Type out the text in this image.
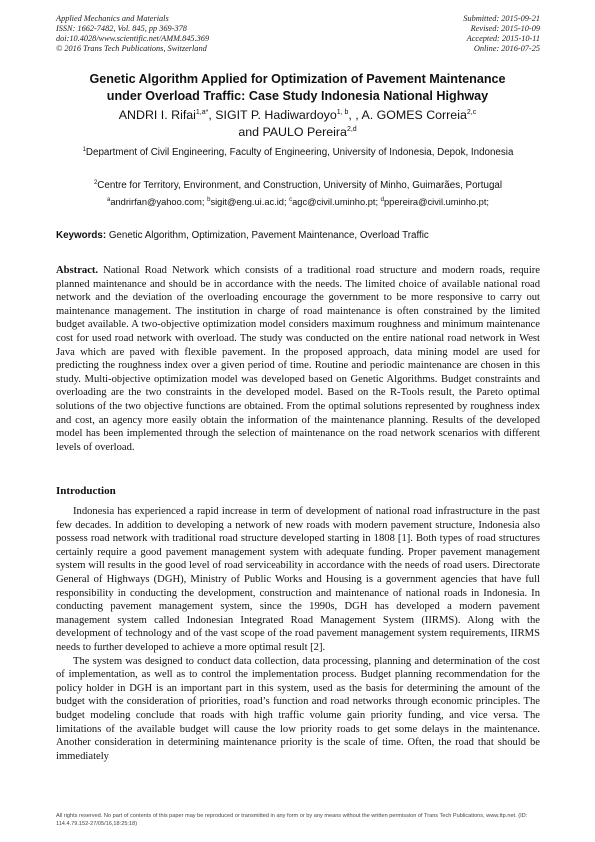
Applied Mechanics and Materials
ISSN: 1662-7482, Vol. 845, pp 369-378
doi:10.4028/www.scientific.net/AMM.845.369
© 2016 Trans Tech Publications, Switzerland
Submitted: 2015-09-21
Revised: 2015-10-09
Accepted: 2015-10-11
Online: 2016-07-25
Genetic Algorithm Applied for Optimization of Pavement Maintenance
under Overload Traffic: Case Study Indonesia National Highway
ANDRI I. Rifai$^{1,a*}$, SIGIT P. Hadiwardoyo$^{1, b}$, , A. GOMES Correia$^{2,c}$
and PAULO Pereira$^{2,d}$
$^1$Department of Civil Engineering, Faculty of Engineering, University of Indonesia, Depok, Indonesia
$^2$Centre for Territory, Environment, and Construction, University of Minho, Guimarães, Portugal
$^a$andrirfan@yahoo.com; $^b$sigit@eng.ui.ac.id; $^c$agc@civil.uminho.pt; $^d$ppereira@civil.uminho.pt;
Keywords: Genetic Algorithm, Optimization, Pavement Maintenance, Overload Traffic
Abstract. National Road Network which consists of a traditional road structure and modern roads, require planned maintenance and should be in accordance with the needs. The limited choice of available national road network and the deviation of the overloading encourage the government to be more responsive to carry out maintenance management. The institution in charge of road maintenance is often constrained by the limited budget available. A two-objective optimization model considers maximum roughness and minimum maintenance cost for used road network with overload. The study was conducted on the entire national road network in West Java which are paved with flexible pavement. In the proposed approach, data mining model are used for predicting the roughness index over a given period of time. Routine and periodic maintenance are chosen in this study. Multi-objective optimization model was developed based on Genetic Algorithms. Budget constraints and overloading are the two constraints in the developed model. Based on the R-Tools result, the Pareto optimal solutions of the two objective functions are obtained. From the optimal solutions represented by roughness index and cost, an agency more easily obtain the information of the maintenance planning. Results of the developed model has been implemented through the selection of maintenance on the road network scenarios with different levels of overload.
Introduction

Indonesia has experienced a rapid increase in term of development of national road infrastructure in the past few decades. In addition to developing a network of new roads with modern pavement structure, Indonesia also possess road network with traditional road structure developed starting in 1808 [1]. Both types of road structures certainly require a good pavement management system with adequate funding. Proper pavement management system will results in the good level of road serviceability in accordance with the needs of road users. Directorate General of Highways (DGH), Ministry of Public Works and Housing is a government agencies that have full responsibility in conducting the development, construction and maintenance of national roads in Indonesia. In conducting pavement management system, since the 1990s, DGH has developed a modern pavement management system called Indonesian Integrated Road Management System (IIRMS). Along with the development of technology and of the vast scope of the road pavement management system requirements, IIRMS needs to further developed to achieve a more optimal result [2].

The system was designed to conduct data collection, data processing, planning and determination of the cost of implementation, as well as to control the implementation process. Budget planning recommendation for the policy holder in DGH is an important part in this system, used as the basis for determining the amount of the budget with the consideration of priorities, road’s function and road networks through economic principles. The budget modeling conclude that roads with high traffic volume gain priority funding, and vice versa. The limitations of the available budget will cause the low priority roads to get some delays in the maintenance. Another consideration in determining maintenance priority is the scale of time. Often, the road that should be immediately

All rights reserved. No part of contents of this paper may be reproduced or transmitted in any form or by any means without the written permission of Trans Tech Publications, www.ttp.net. (ID: 114.4.79.152-27/05/16,18:25:18)
